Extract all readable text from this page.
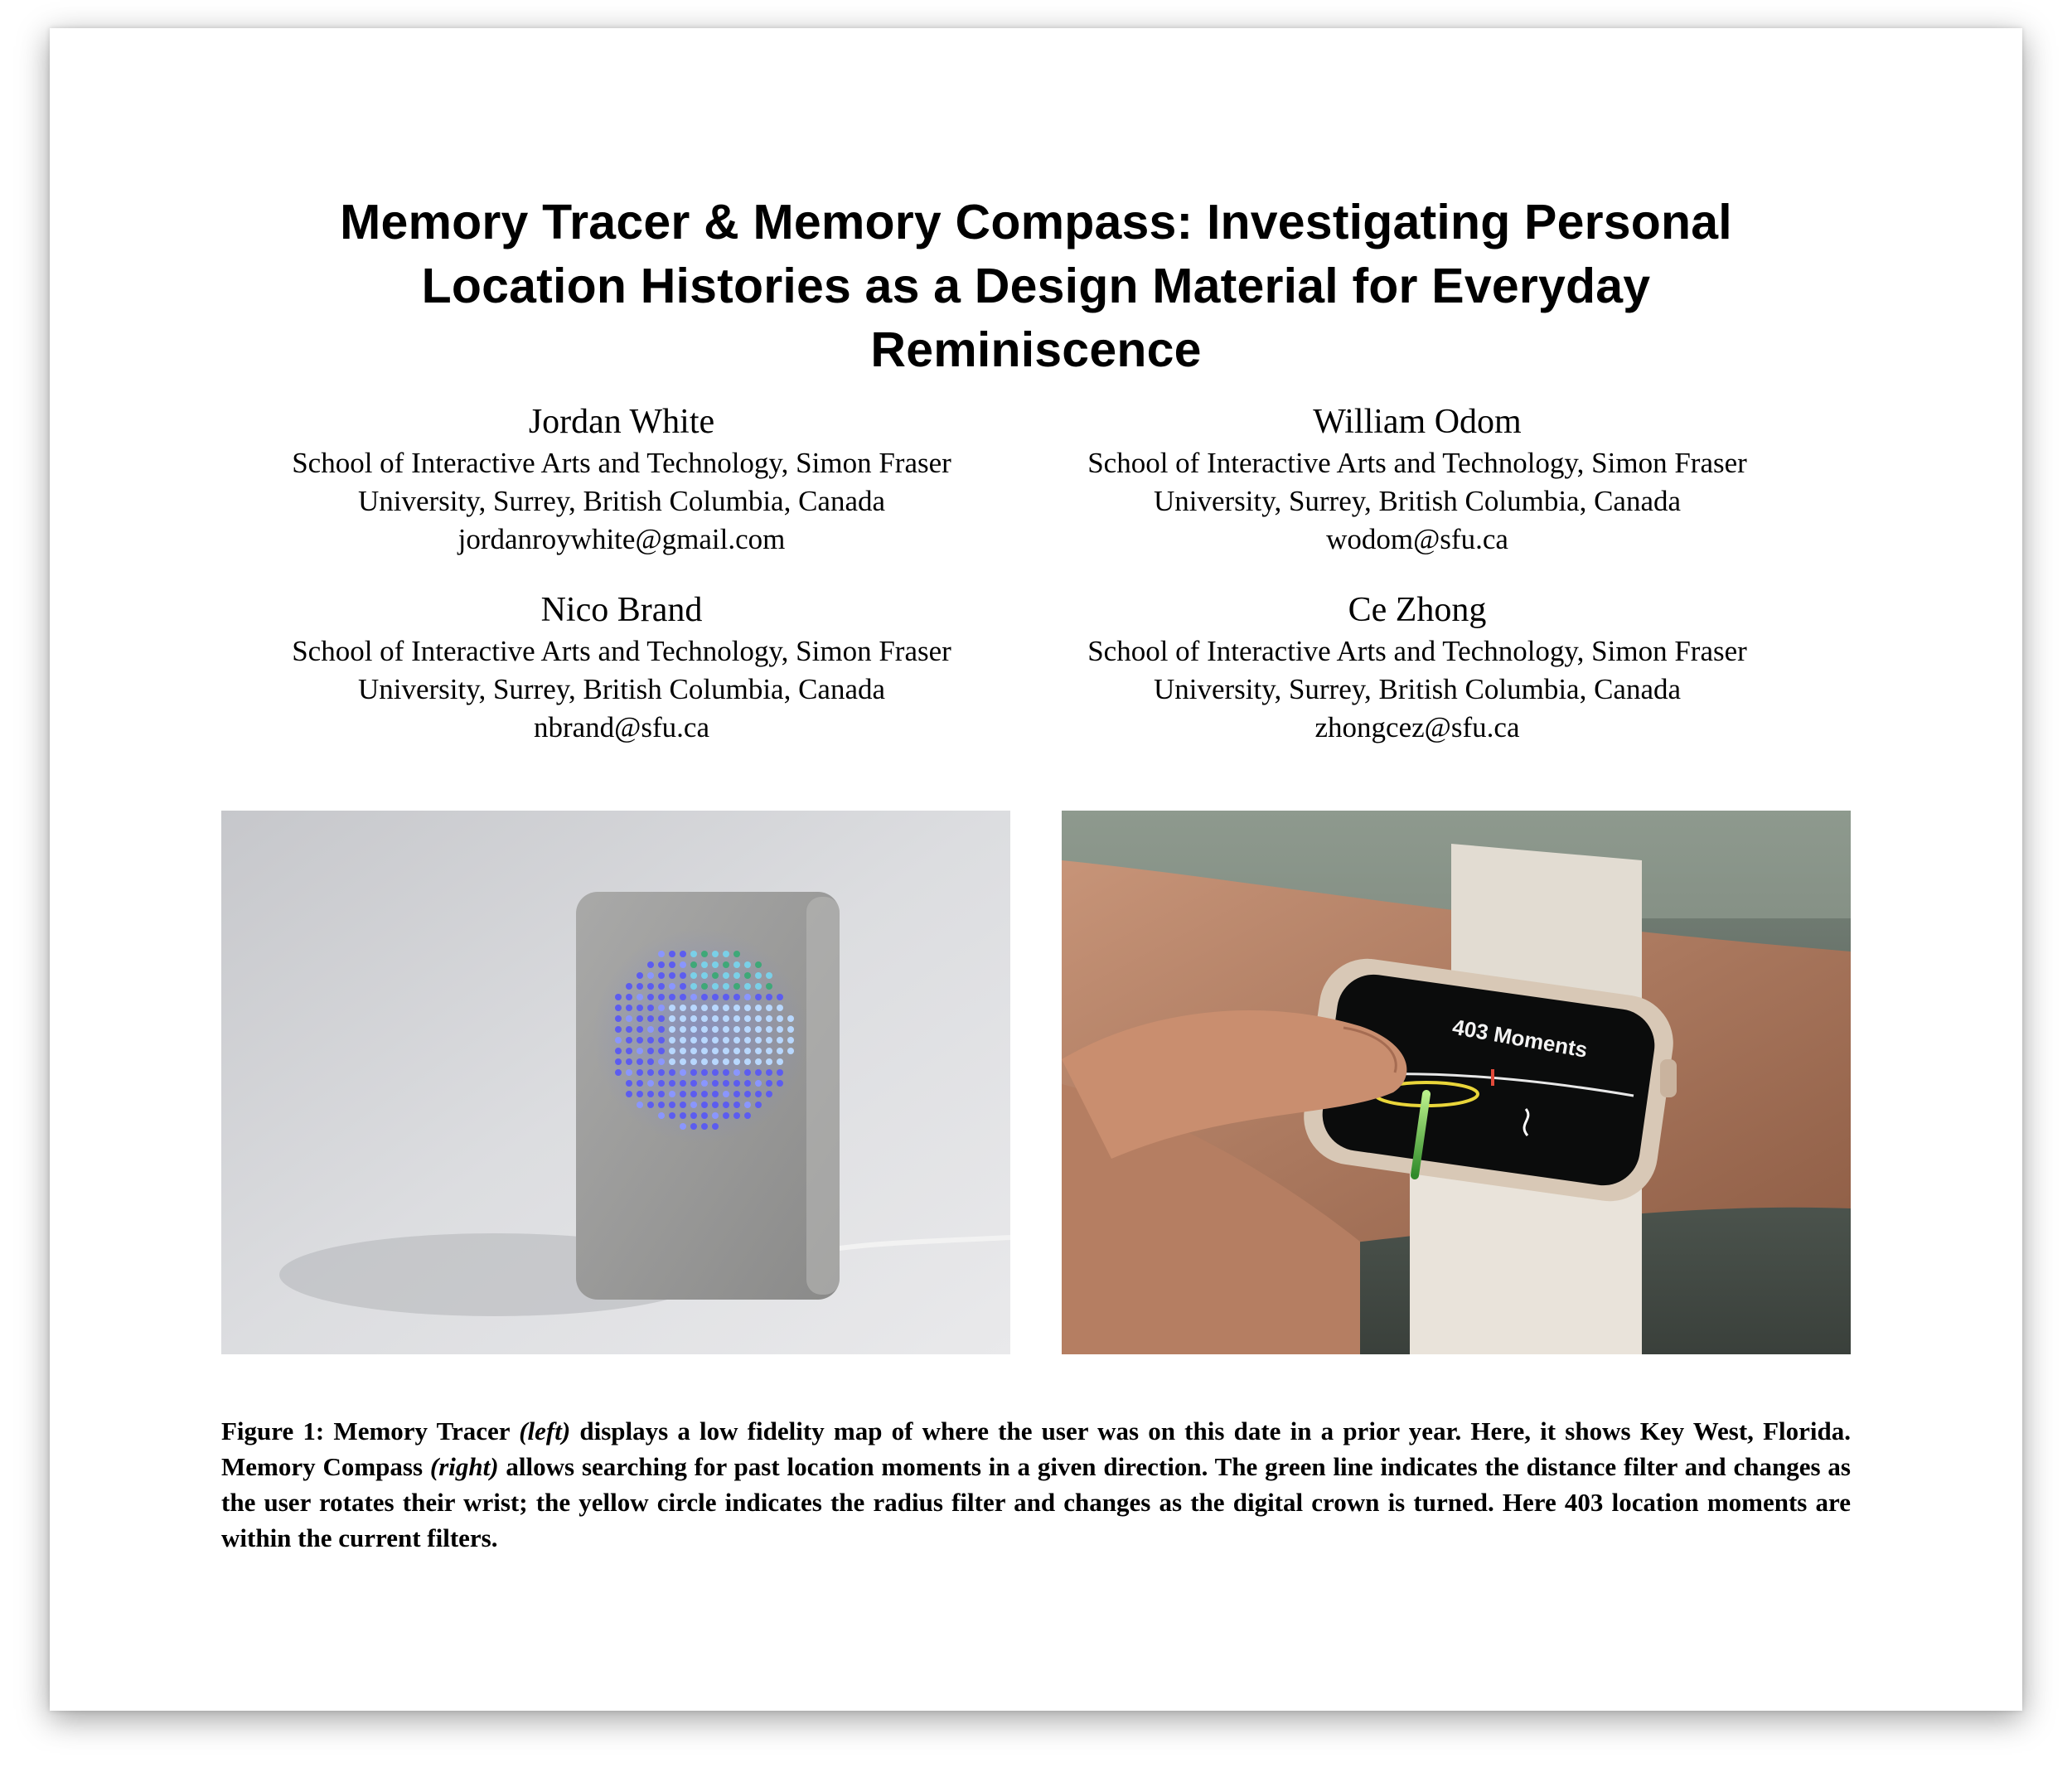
Memory Tracer & Memory Compass: Investigating Personal
Location Histories as a Design Material for Everyday
Reminiscence
Jordan White
School of Interactive Arts and Technology, Simon Fraser
University, Surrey, British Columbia, Canada
jordanroywhite@gmail.com
William Odom
School of Interactive Arts and Technology, Simon Fraser
University, Surrey, British Columbia, Canada
wodom@sfu.ca
Nico Brand
School of Interactive Arts and Technology, Simon Fraser
University, Surrey, British Columbia, Canada
nbrand@sfu.ca
Ce Zhong
School of Interactive Arts and Technology, Simon Fraser
University, Surrey, British Columbia, Canada
zhongcez@sfu.ca
403 Moments

Figure 1: Memory Tracer (left) displays a low fidelity map of where the user was on this date in a prior year. Here, it shows Key West, Florida. Memory Compass (right) allows searching for past location moments in a given direction. The green line indicates the distance filter and changes as the user rotates their wrist; the yellow circle indicates the radius filter and changes as the digital crown is turned. Here 403 location moments are within the current filters.
